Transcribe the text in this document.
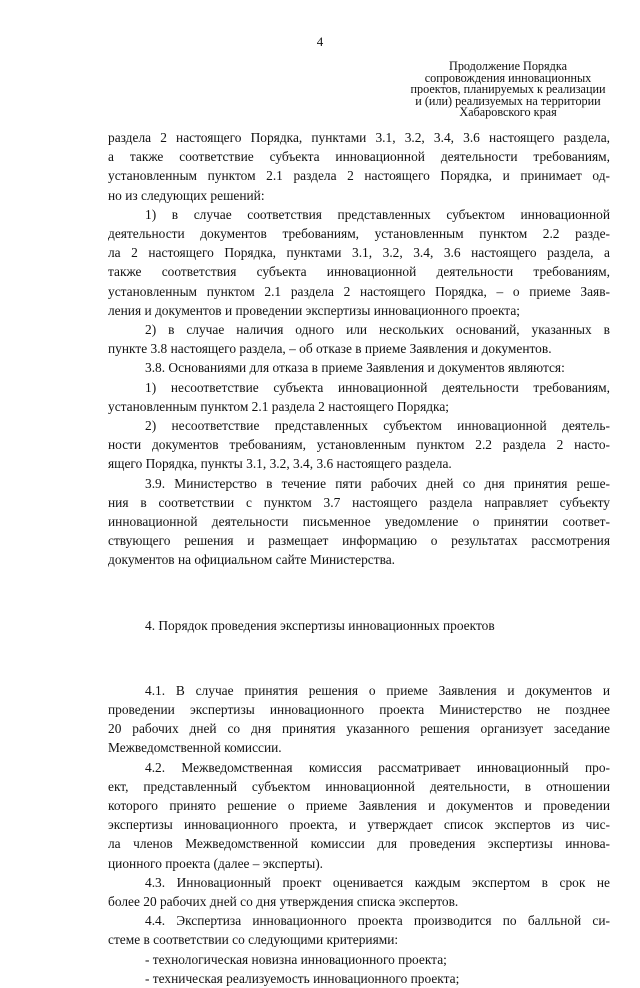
4
Продолжение Порядка
сопровождения инновационных
проектов, планируемых к реализации
и (или) реализуемых на территории
Хабаровского края

раздела 2 настоящего Порядка, пунктами 3.1, 3.2, 3.4, 3.6 настоящего раздела,

а также соответствие субъекта инновационной деятельности требованиям,

установленным пунктом 2.1 раздела 2 настоящего Порядка, и принимает од-

но из следующих решений:

1) в случае соответствия представленных субъектом инновационной

деятельности документов требованиям, установленным пунктом 2.2 разде-

ла 2 настоящего Порядка, пунктами 3.1, 3.2, 3.4, 3.6 настоящего раздела, а

также соответствия субъекта инновационной деятельности требованиям,

установленным пунктом 2.1 раздела 2 настоящего Порядка, – о приеме Заяв-

ления и документов и проведении экспертизы инновационного проекта;

2) в случае наличия одного или нескольких оснований, указанных в

пункте 3.8 настоящего раздела, – об отказе в приеме Заявления и документов.

3.8. Основаниями для отказа в приеме Заявления и документов являются:

1) несоответствие субъекта инновационной деятельности требованиям,

установленным пунктом 2.1 раздела 2 настоящего Порядка;

2) несоответствие представленных субъектом инновационной деятель-

ности документов требованиям, установленным пунктом 2.2 раздела 2 насто-

ящего Порядка, пункты 3.1, 3.2, 3.4, 3.6 настоящего раздела.

3.9. Министерство в течение пяти рабочих дней со дня принятия реше-

ния в соответствии с пунктом 3.7 настоящего раздела направляет субъекту

инновационной деятельности письменное уведомление о принятии соответ-

ствующего решения и размещает информацию о результатах рассмотрения

документов на официальном сайте Министерства.

4. Порядок проведения экспертизы инновационных проектов

4.1. В случае принятия решения о приеме Заявления и документов и

проведении экспертизы инновационного проекта Министерство не позднее

20 рабочих дней со дня принятия указанного решения организует заседание

Межведомственной комиссии.

4.2. Межведомственная комиссия рассматривает инновационный про-

ект, представленный субъектом инновационной деятельности, в отношении

которого принято решение о приеме Заявления и документов и проведении

экспертизы инновационного проекта, и утверждает список экспертов из чис-

ла членов Межведомственной комиссии для проведения экспертизы иннова-

ционного проекта (далее – эксперты).

4.3. Инновационный проект оценивается каждым экспертом в срок не

более 20 рабочих дней со дня утверждения списка экспертов.

4.4. Экспертиза инновационного проекта производится по балльной си-

стеме в соответствии со следующими критериями:

- технологическая новизна инновационного проекта;

- техническая реализуемость инновационного проекта;
